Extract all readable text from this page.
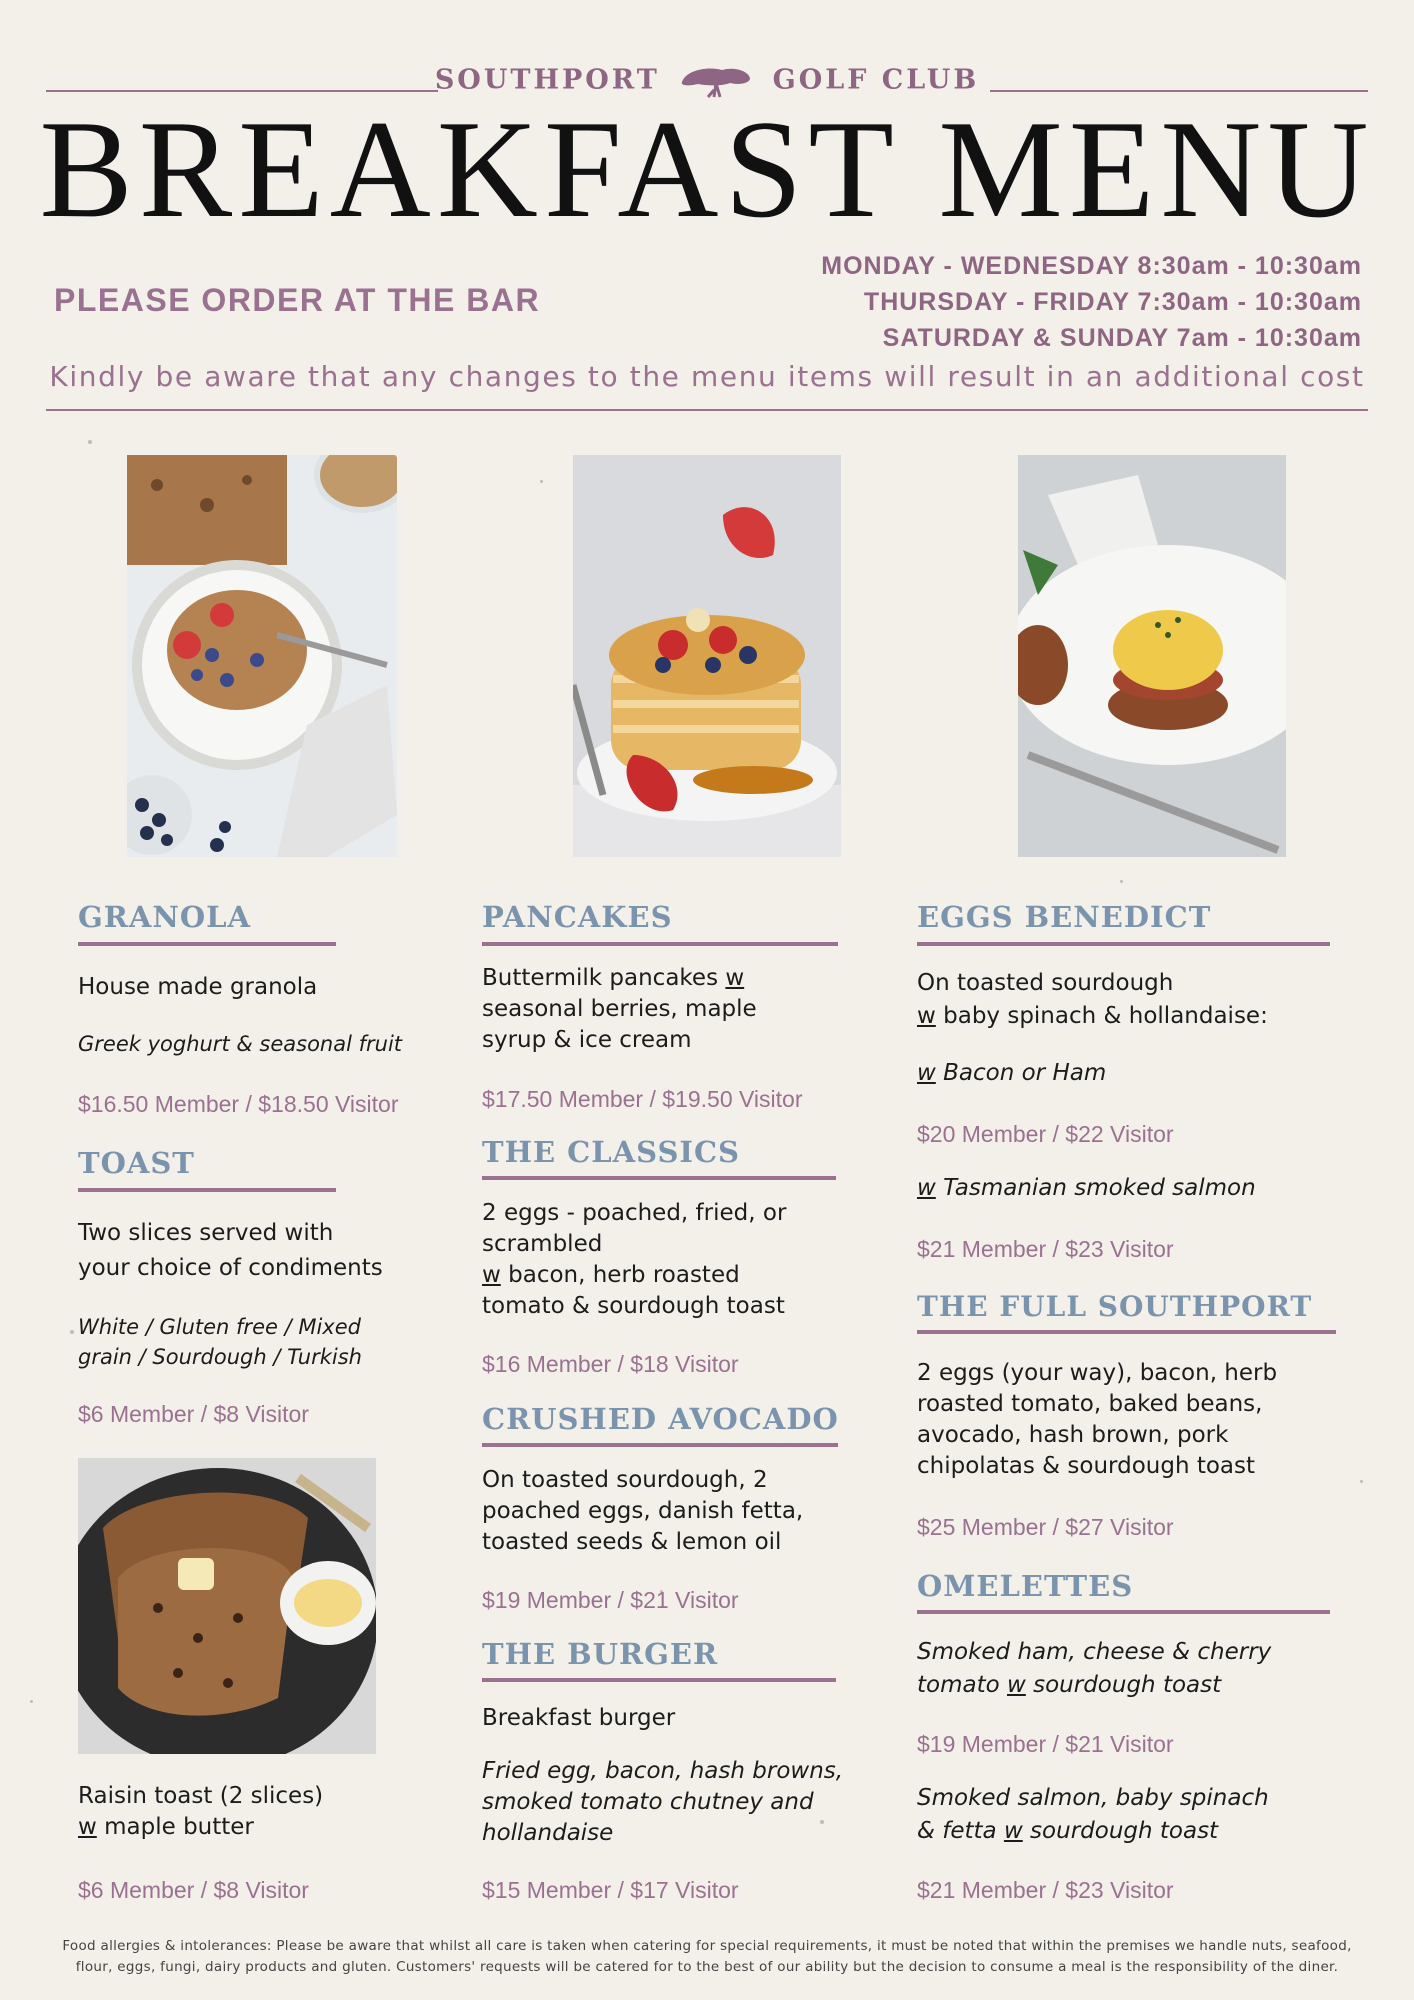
SOUTHPORT	GOLF CLUB
BREAKFAST MENU
PLEASE ORDER AT THE BAR
MONDAY - WEDNESDAY 8:30am - 10:30am
THURSDAY - FRIDAY 7:30am - 10:30am
SATURDAY & SUNDAY 7am - 10:30am
Kindly be aware that any changes to the menu items will result in an additional cost
GRANOLA
House made granola
Greek yoghurt & seasonal fruit
$16.50 Member / $18.50 Visitor
TOAST
Two slices served with
your choice of condiments
White / Gluten free / Mixed
grain / Sourdough / Turkish
$6 Member / $8 Visitor
Raisin toast (2 slices)
w maple butter
$6 Member / $8 Visitor
PANCAKES
Buttermilk pancakes w
seasonal berries, maple
syrup & ice cream
$17.50 Member / $19.50 Visitor
THE CLASSICS
2 eggs - poached, fried, or
scrambled
w bacon, herb roasted
tomato & sourdough toast
$16 Member / $18 Visitor
CRUSHED AVOCADO
On toasted sourdough, 2
poached eggs, danish fetta,
toasted seeds & lemon oil
$19 Member / $21 Visitor
THE BURGER
Breakfast burger
Fried egg, bacon, hash browns,
smoked tomato chutney and
hollandaise
$15 Member / $17 Visitor
EGGS BENEDICT
On toasted sourdough
w baby spinach & hollandaise:
w Bacon or Ham
$20 Member / $22 Visitor
w Tasmanian smoked salmon
$21 Member / $23 Visitor
THE FULL SOUTHPORT
2 eggs (your way), bacon, herb
roasted tomato, baked beans,
avocado, hash brown, pork
chipolatas & sourdough toast
$25 Member / $27 Visitor
OMELETTES
Smoked ham, cheese & cherry
tomato w sourdough toast
$19 Member / $21 Visitor
Smoked salmon, baby spinach
& fetta w sourdough toast
$21 Member / $23 Visitor
Food allergies & intolerances: Please be aware that whilst all care is taken when catering for special requirements, it must be noted that within the premises we handle nuts, seafood,
flour, eggs, fungi, dairy products and gluten. Customers' requests will be catered for to the best of our ability but the decision to consume a meal is the responsibility of the diner.
